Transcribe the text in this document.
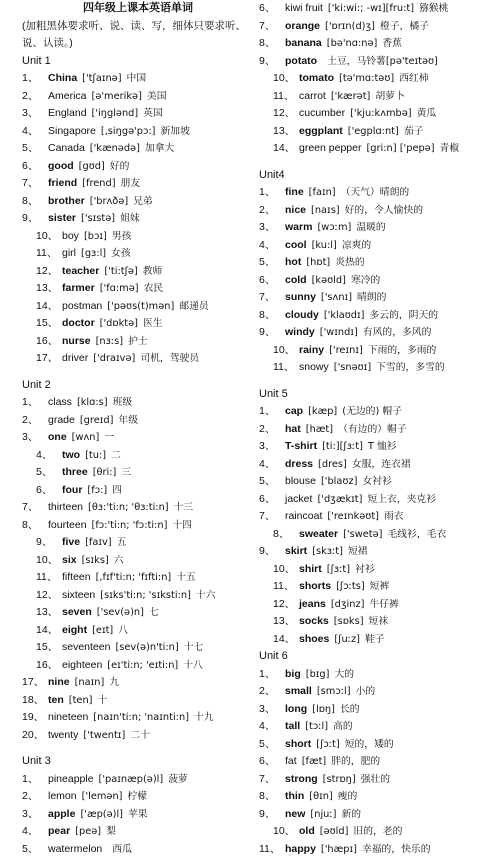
四年级上课本英语单词
(加粗黑体要求听、说、读、写，细体只要求听、
说、认读。)
Unit 1
1、 China ['tʃaɪnə] 中国
2、 America [ə'merikə] 美国
3、 England ['iŋglənd] 英国
4、 Singapore [,siŋgə'pɔ:] 新加坡
5、 Canada ['kænədə] 加拿大
6、 good [gʊd] 好的
7、 friend [frend] 朋友
8、 brother ['brʌðə] 兄弟
9、 sister ['sɪstə] 姐妹
10、 boy [bɔɪ] 男孩
11、 girl [gɜ:l] 女孩
12、 teacher ['ti:tʃə] 教师
13、 farmer ['fɑ:mə] 农民
14、 postman ['pəʊs(t)mən] 邮递员
15、 doctor ['dɒktə] 医生
16、 nurse [nɜːs] 护士
17、 driver ['draɪvə] 司机，驾驶员
Unit 2
1、 class [klɑ:s] 班级
2、 grade [greɪd] 年级
3、 one [wʌn] 一
4、 two [tu:] 二
5、 three [θri:] 三
6、 four [fɔ:] 四
7、 thirteen [θɜ:'ti:n; 'θɜ:ti:n] 十三
8、 fourteen [fɔ:'ti:n; 'fɔ:ti:n] 十四
9、 five [faɪv] 五
10、 six [sɪks] 六
11、 fifteen [,fɪf'ti:n; 'fɪfti:n] 十五
12、 sixteen [sɪks'ti:n; 'sɪksti:n] 十六
13、 seven ['sev(ə)n] 七
14、 eight [eɪt] 八
15、 seventeen [sev(ə)n'ti:n] 十七
16、 eighteen [eɪ'ti:n; 'eɪti:n] 十八
17、 nine [naɪn] 九
18、 ten [ten] 十
19、 nineteen [naɪn'ti:n; 'naɪnti:n] 十九
20、 twenty ['twentɪ] 二十
Unit 3
1、 pineapple ['paɪnæp(ə)l] 菠萝
2、 lemon ['lemən] 柠檬
3、 apple ['æp(ə)l] 苹果
4、 pear [peə] 梨
5、 watermelon 西瓜
6、 kiwi fruit ['ki:wi:; -wɪ][fru:t] 猕猴桃
7、 orange ['ɒrɪn(d)ʒ] 橙子，橘子
8、 banana [bə'nɑ:nə] 香蕉
9、 potato 土豆，马铃薯[pə'teɪtəʊ]
10、 tomato [tə'mɑ:təʊ] 西红柿
11、 carrot ['kærət] 胡萝卜
12、 cucumber ['kju:kʌmbə] 黄瓜
13、 eggplant ['egplɑ:nt] 茄子
14、 green pepper [gri:n] ['pepə] 青椒
Unit4
1、 fine [faɪn] （天气）晴朗的
2、 nice [naɪs] 好的，令人愉快的
3、 warm [wɔːm] 温暖的
4、 cool [ku:l] 凉爽的
5、 hot [hɒt] 炎热的
6、 cold [kəʊld] 寒冷的
7、 sunny ['sʌnɪ] 晴朗的
8、 cloudy ['klaʊdɪ] 多云的，阴天的
9、 windy ['wɪndɪ] 有风的，多风的
10、 rainy ['reɪnɪ] 下雨的，多雨的
11、 snowy ['snəʊɪ] 下雪的，多雪的
Unit 5
1、 cap [kæp] (无边的) 帽子
2、 hat [hæt] （有边的）帽子
3、 T-shirt [ti:][ʃɜːt] T 恤衫
4、 dress [dres] 女服，连衣裙
5、 blouse ['blaʊz] 女衬衫
6、 jacket ['dʒækɪt] 短上衣，夹克衫
7、 raincoat ['reɪnkəʊt] 雨衣
8、 sweater ['swetə] 毛线衫，毛衣
9、 skirt [skɜːt] 短裙
10、 shirt [ʃɜːt] 衬衫
11、 shorts [ʃɔːts] 短裤
12、 jeans [dʒinz] 牛仔裤
13、 socks [sɒks] 短袜
14、 shoes [ʃuːz] 鞋子
Unit 6
1、 big [bɪg] 大的
2、 small [smɔːl] 小的
3、 long [lɒŋ] 长的
4、 tall [tɔːl] 高的
5、 short [ʃɔːt] 短的，矮的
6、 fat [fæt] 胖的，肥的
7、 strong [strɒŋ] 强壮的
8、 thin [θɪn] 瘦的
9、 new [njuː] 新的
10、 old [əʊld] 旧的，老的
11、 happy ['hæpɪ] 幸福的，快乐的
